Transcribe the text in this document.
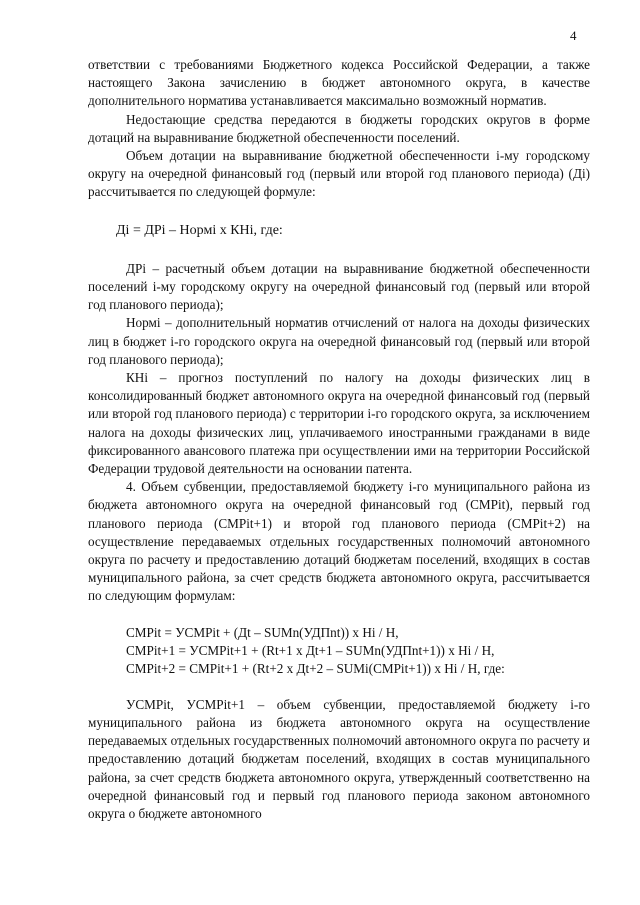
4

ответствии с требованиями Бюджетного кодекса Российской Федерации, а также настоящего Закона зачислению в бюджет автономного округа, в качестве дополнительного норматива устанавливается максимально возможный норматив.

Недостающие средства передаются в бюджеты городских округов в форме дотаций на выравнивание бюджетной обеспеченности поселений.

Объем дотации на выравнивание бюджетной обеспеченности i-му городскому округу на очередной финансовый год (первый или второй год планового периода) (Дi) рассчитывается по следующей формуле:

Дi = ДPi – Нормi х КНi, где:

ДPi – расчетный объем дотации на выравнивание бюджетной обеспеченности поселений i-му городскому округу на очередной финансовый год (первый или второй год планового периода);

Нормi – дополнительный норматив отчислений от налога на доходы физических лиц в бюджет i-го городского округа на очередной финансовый год (первый или второй год планового периода);

КНi – прогноз поступлений по налогу на доходы физических лиц в консолидированный бюджет автономного округа на очередной финансовый год (первый или второй год планового периода) с территории i-го городского округа, за исключением налога на доходы физических лиц, уплачиваемого иностранными гражданами в виде фиксированного авансового платежа при осуществлении ими на территории Российской Федерации трудовой деятельности на основании патента.

4. Объем субвенции, предоставляемой бюджету i-го муниципального района из бюджета автономного округа на очередной финансовый год (СМРit), первый год планового периода (СМРit+1) и второй год планового периода (СМРit+2) на осуществление передаваемых отдельных государственных полномочий автономного округа по расчету и предоставлению дотаций бюджетам поселений, входящих в состав муниципального района, за счет средств бюджета автономного округа, рассчитывается по следующим формулам:

СМРit = УСМРit + (Дt – SUMn(УДПnt)) х Нi / Н,
СМРit+1 = УСМРit+1 + (Rt+1 х Дt+1 – SUMn(УДПnt+1)) х Нi / Н,
СМРit+2 = СМРit+1 + (Rt+2 х Дt+2 – SUMi(СМРit+1)) х Нi / Н, где:

УСМРit, УСМРit+1 – объем субвенции, предоставляемой бюджету i-го муниципального района из бюджета автономного округа на осуществление передаваемых отдельных государственных полномочий автономного округа по расчету и предоставлению дотаций бюджетам поселений, входящих в состав муниципального района, за счет средств бюджета автономного округа, утвержденный соответственно на очередной финансовый год и первый год планового периода законом автономного округа о бюджете автономного
